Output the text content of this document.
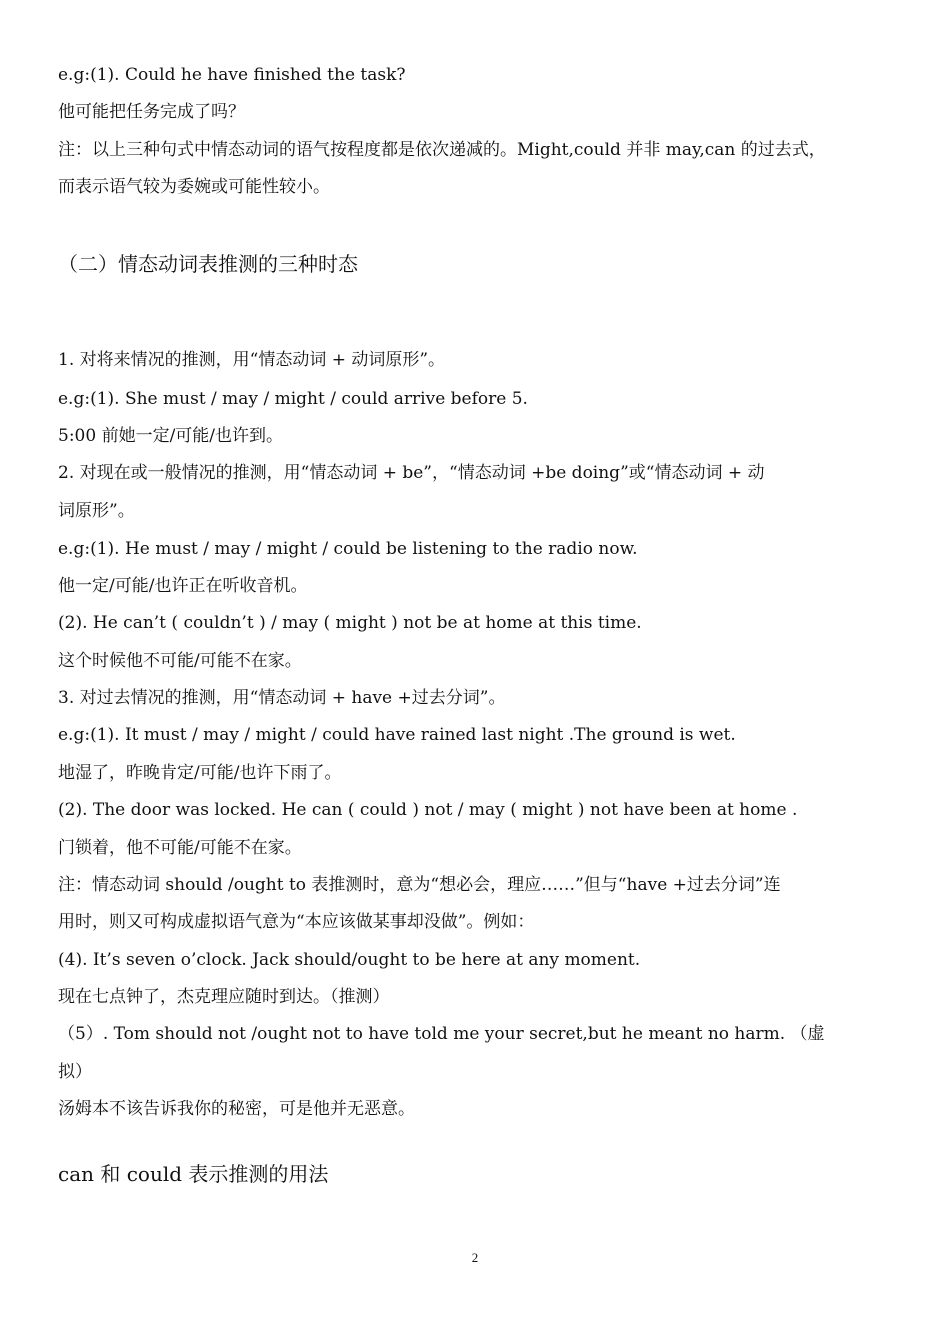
e.g:(1). Could he have finished the task?
他可能把任务完成了吗？
注：以上三种句式中情态动词的语气按程度都是依次递减的。Might,could 并非 may,can 的过去式，
而表示语气较为委婉或可能性较小。
（二）情态动词表推测的三种时态
1. 对将来情况的推测，用“情态动词 + 动词原形”。
e.g:(1). She must / may / might / could arrive before 5.
5:00 前她一定/可能/也许到。
2. 对现在或一般情况的推测，用“情态动词 + be”，“情态动词 +be doing”或“情态动词 + 动
词原形”。
e.g:(1). He must / may / might / could be listening to the radio now.
他一定/可能/也许正在听收音机。
(2). He can’t ( couldn’t ) / may ( might ) not be at home at this time.
这个时候他不可能/可能不在家。
3. 对过去情况的推测，用“情态动词 + have +过去分词”。
e.g:(1). It must / may / might / could have rained last night .The ground is wet.
地湿了，昨晚肯定/可能/也许下雨了。
(2). The door was locked. He can ( could ) not / may ( might ) not have been at home .
门锁着，他不可能/可能不在家。
注：情态动词 should /ought to 表推测时，意为“想必会，理应……”但与“have +过去分词”连
用时，则又可构成虚拟语气意为“本应该做某事却没做”。例如：
(4). It’s seven o’clock. Jack should/ought to be here at any moment.
现在七点钟了，杰克理应随时到达。（推测）
（5）. Tom should not /ought not to have told me your secret,but he meant no harm. （虚
拟）
汤姆本不该告诉我你的秘密，可是他并无恶意。
can 和 could 表示推测的用法
2
